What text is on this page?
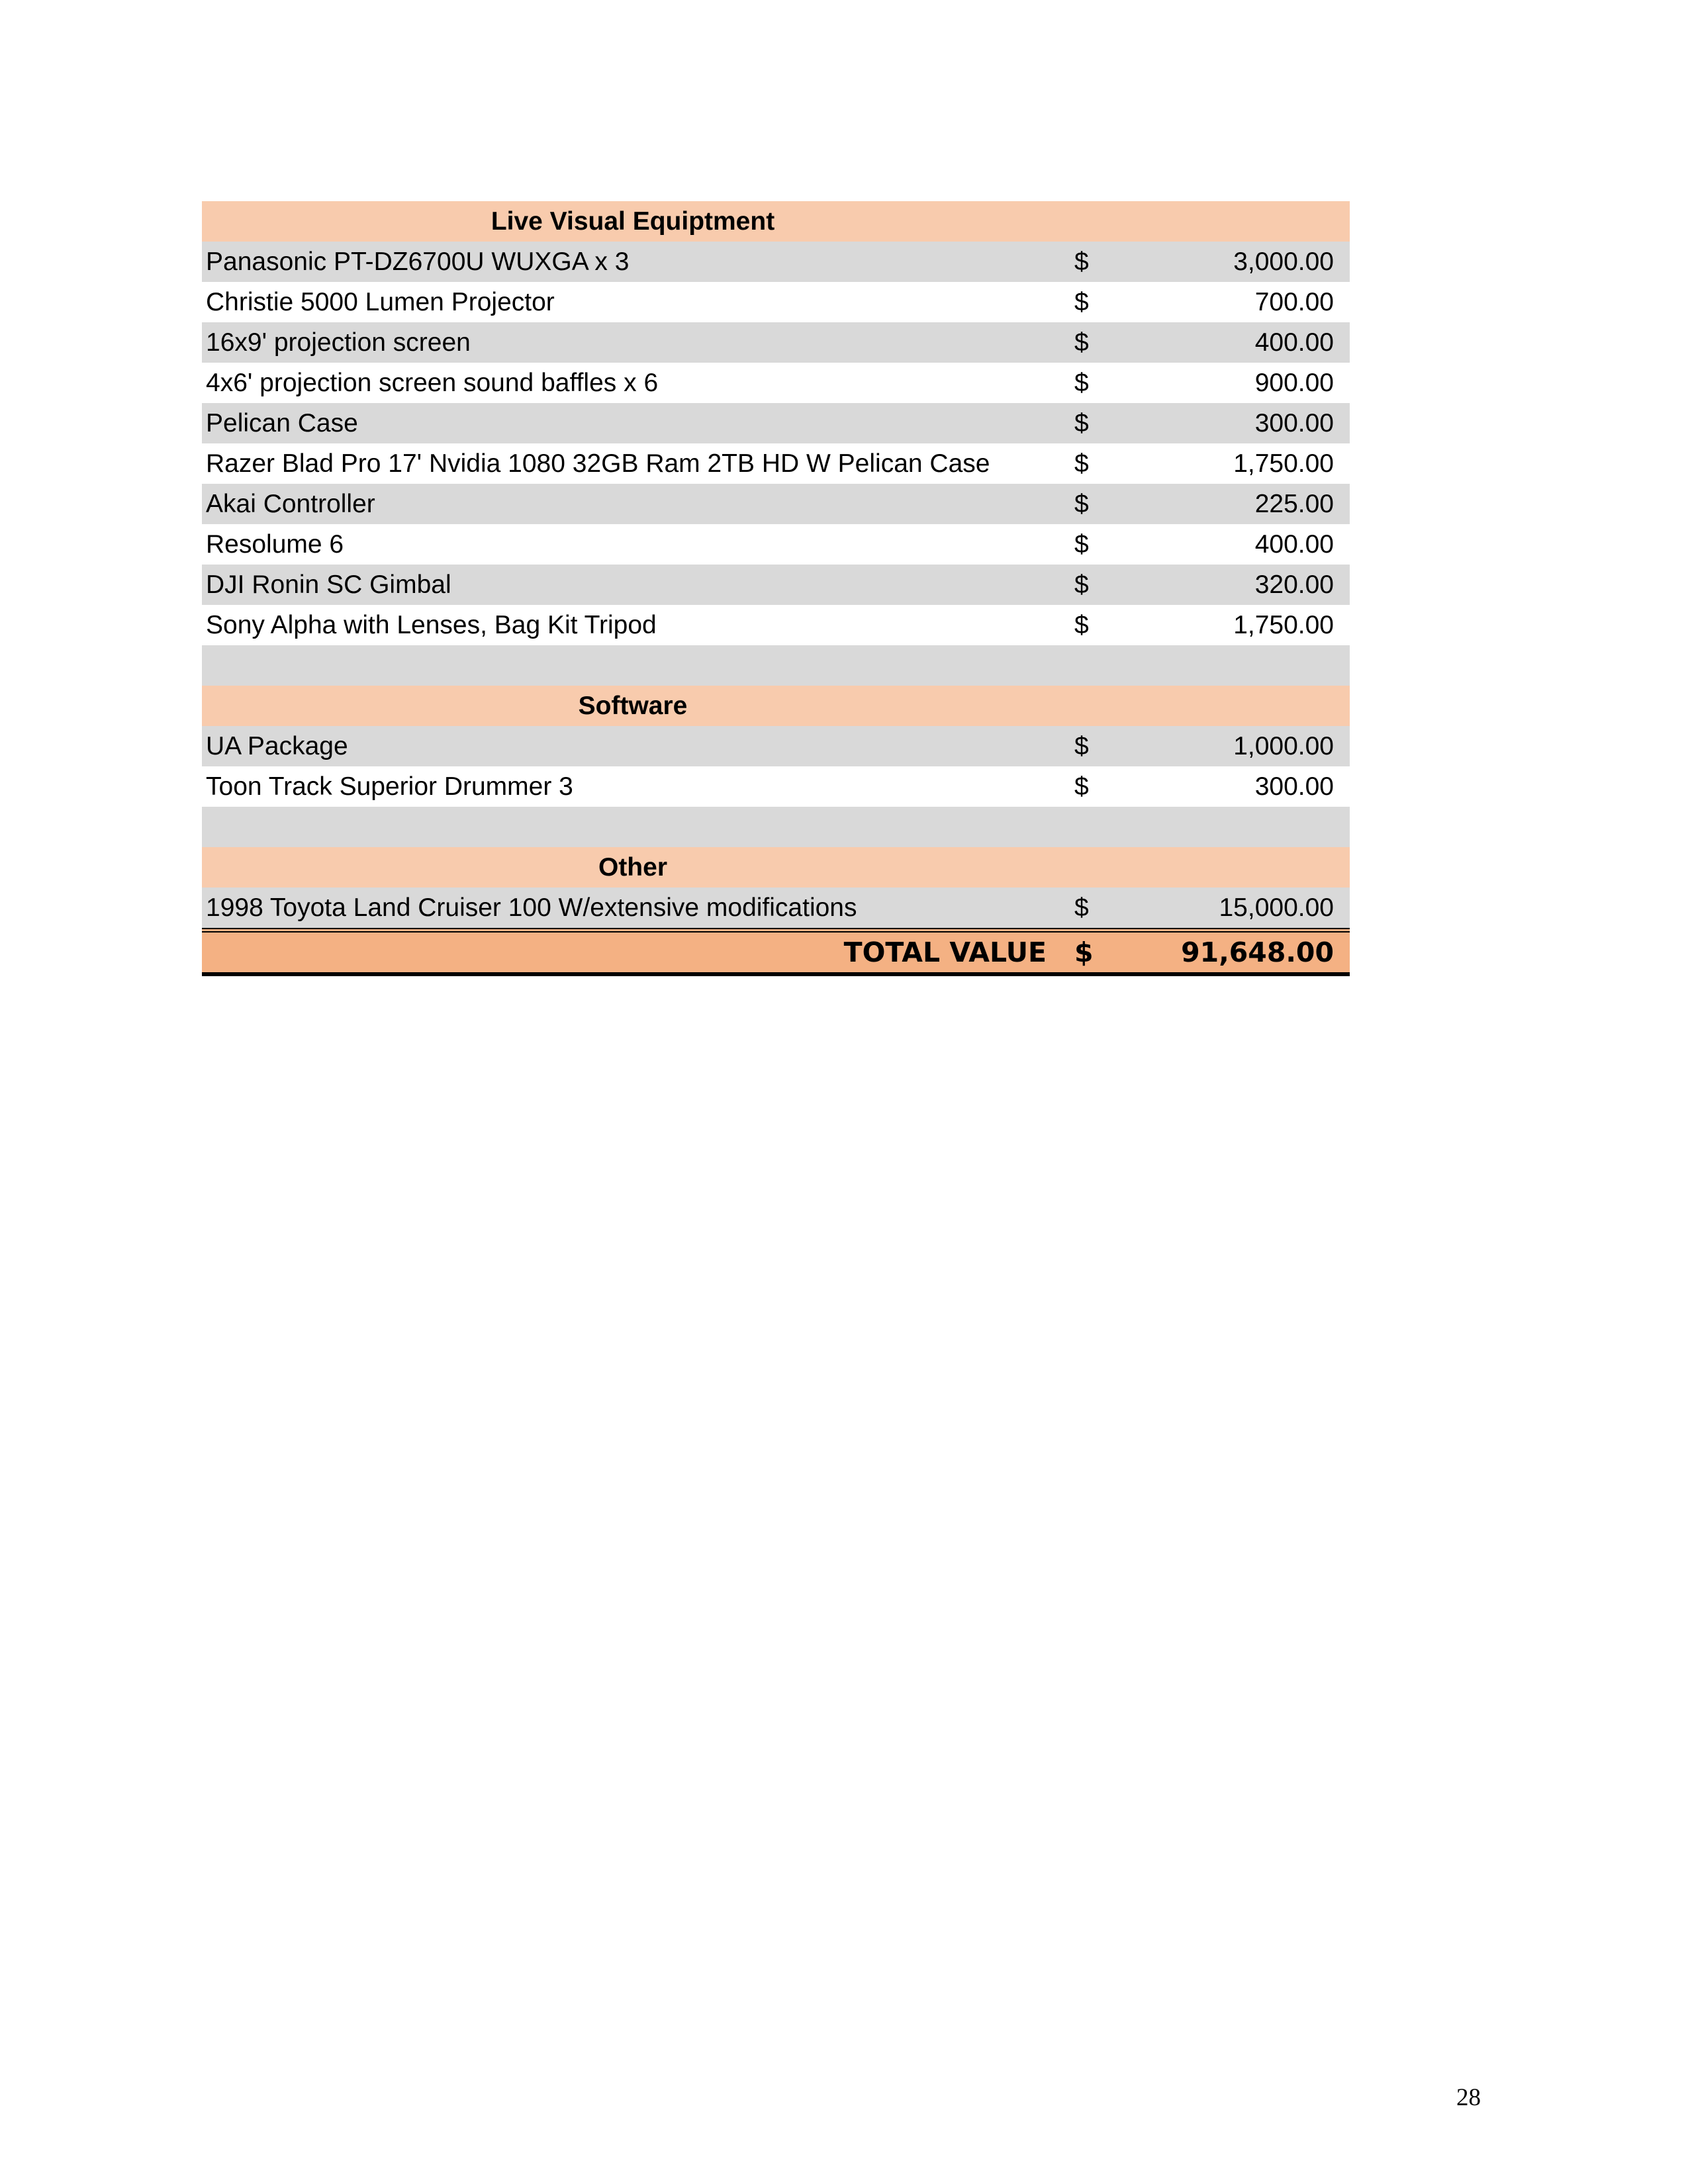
Live Visual Equiptment
Panasonic PT-DZ6700U WUXGA x 3	$	3,000.00
Christie 5000 Lumen Projector	$	700.00
16x9' projection screen	$	400.00
4x6' projection screen sound baffles x 6	$	900.00
Pelican Case	$	300.00
Razer Blad Pro 17' Nvidia 1080 32GB Ram 2TB HD W Pelican Case	$	1,750.00
Akai Controller	$	225.00
Resolume 6	$	400.00
DJI Ronin SC Gimbal	$	320.00
Sony Alpha with Lenses, Bag Kit Tripod	$	1,750.00
Software
UA Package	$	1,000.00
Toon Track Superior Drummer 3	$	300.00
Other
1998 Toyota Land Cruiser 100 W/extensive modifications	$	15,000.00
TOTAL VALUE	$	91,648.00
28
